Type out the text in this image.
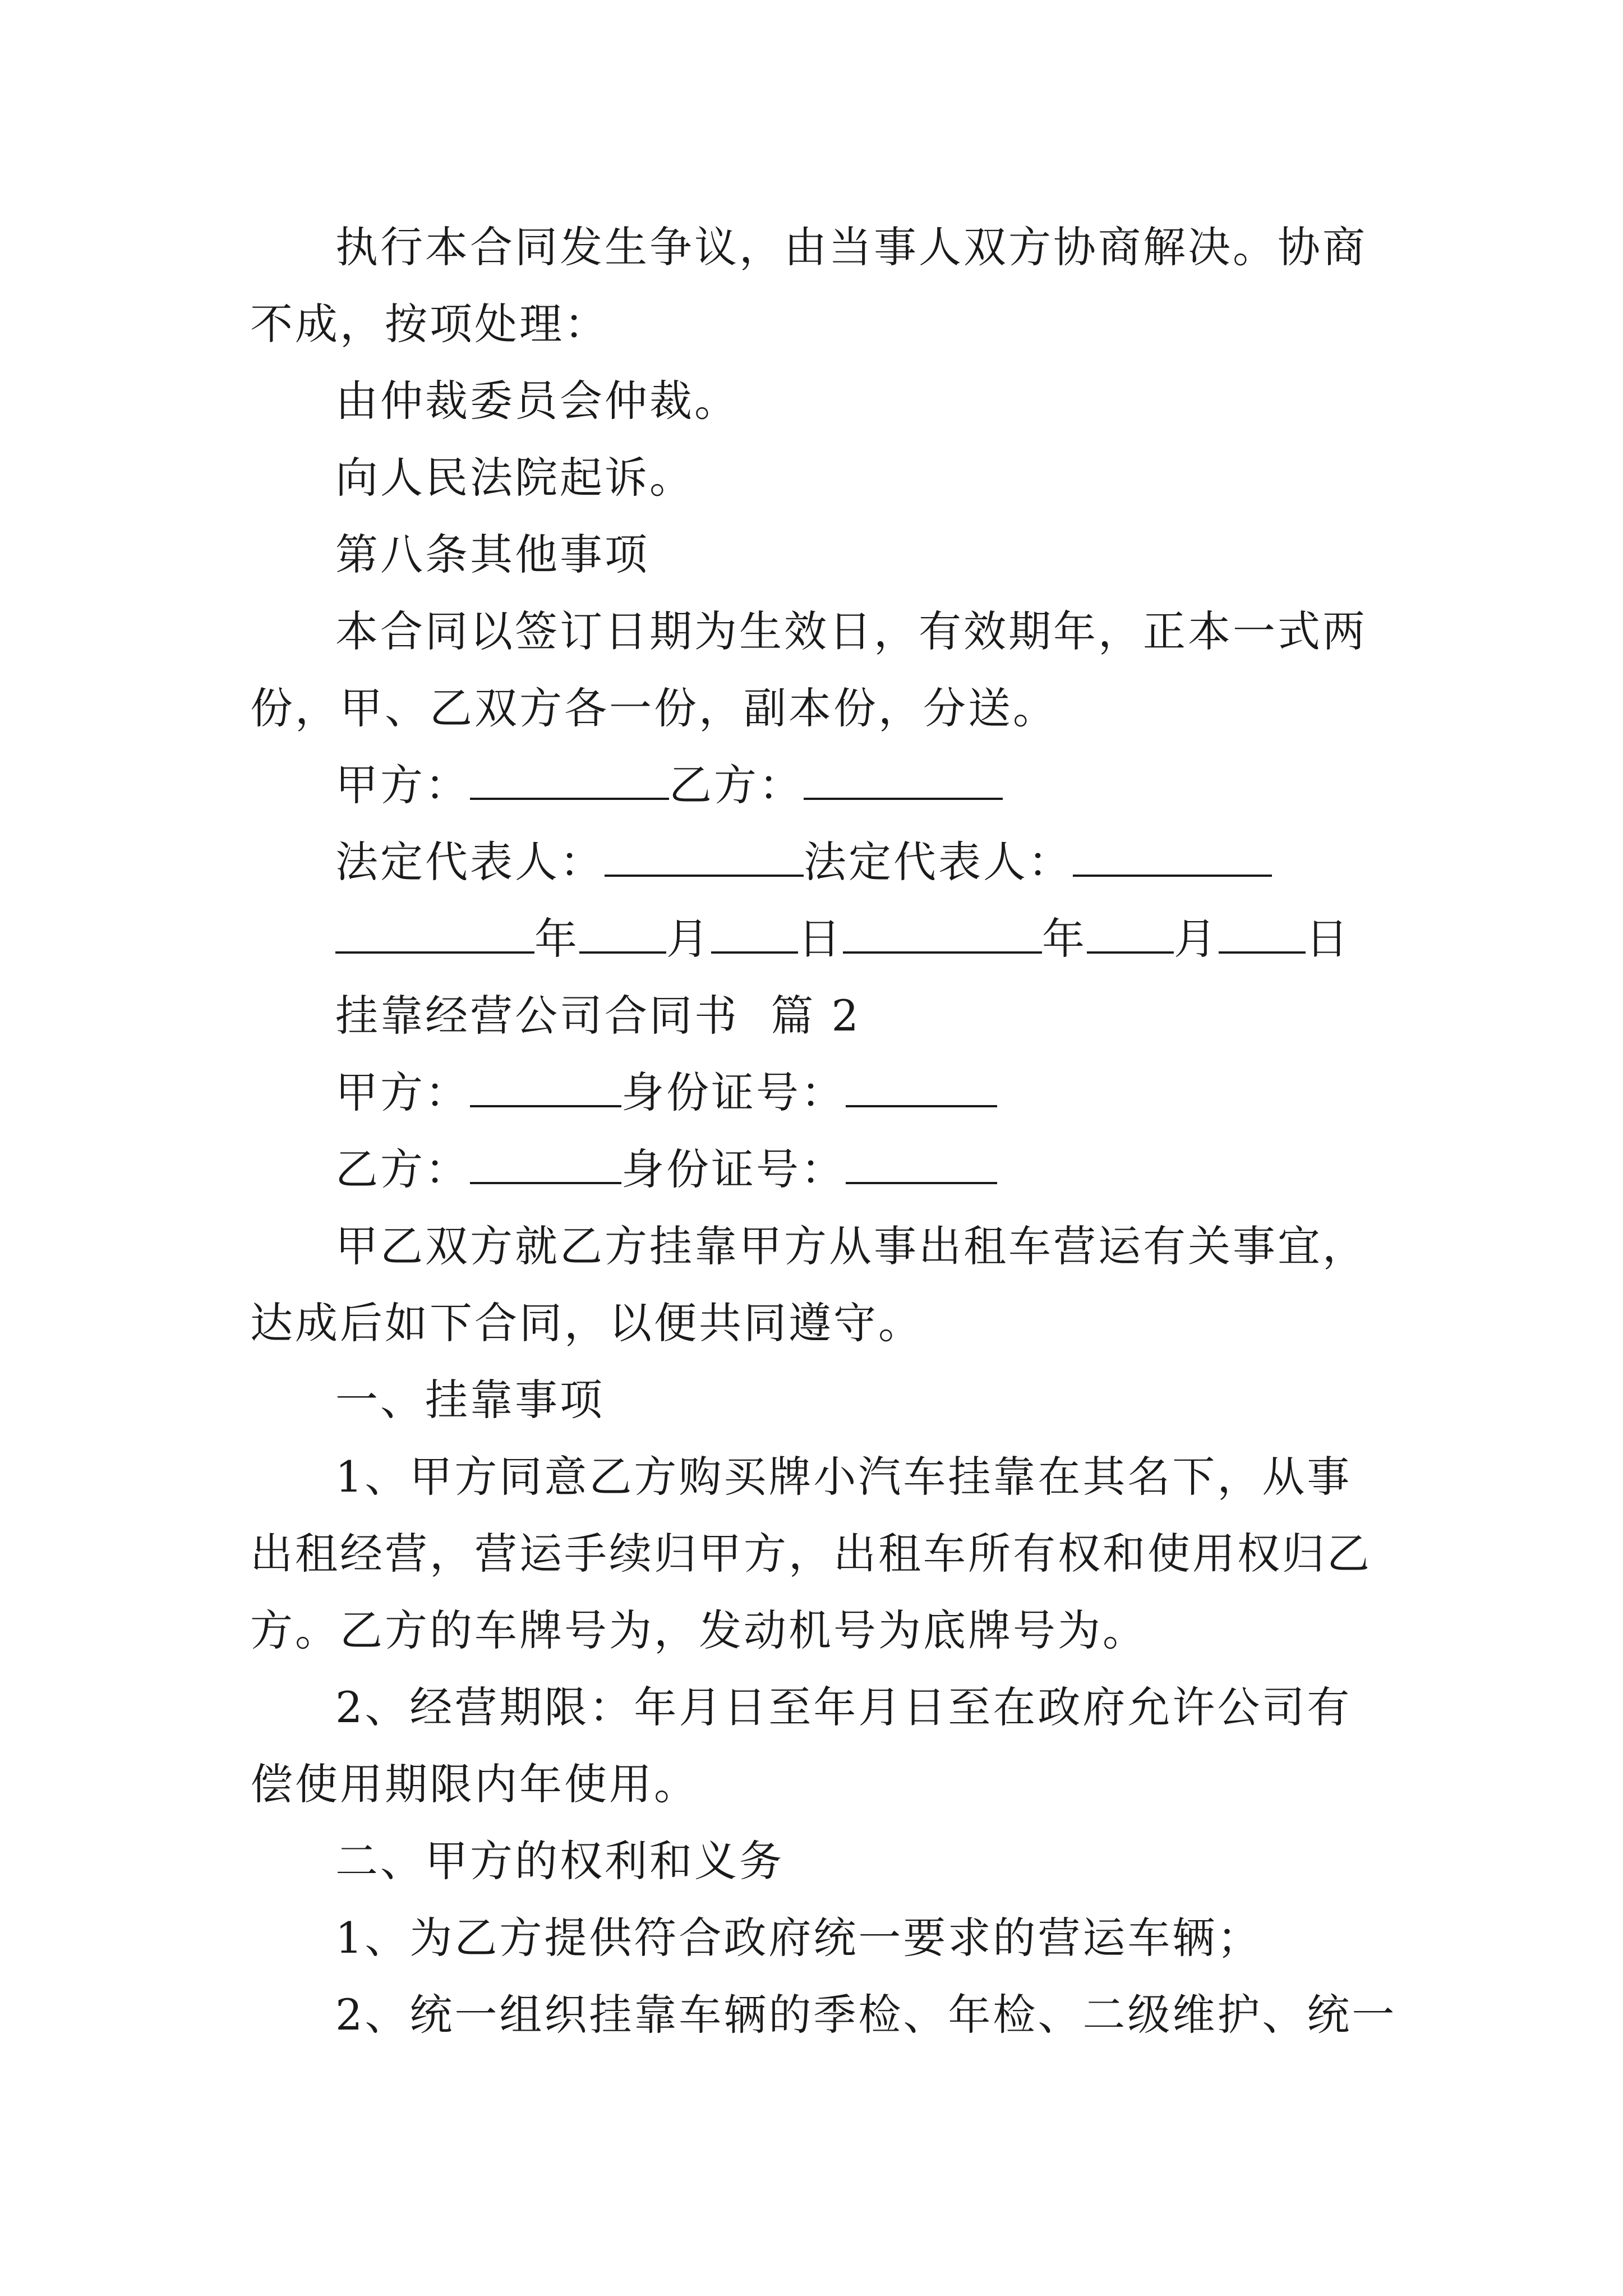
执行本合同发生争议，由当事人双方协商解决。协商不成，按项处理：

由仲裁委员会仲裁。

向人民法院起诉。

第八条其他事项

本合同以签订日期为生效日，有效期年，正本一式两份，甲、乙双方各一份，副本份，分送。

甲方：	乙方：

法定代表人：	法定代表人：

年 月 日	年 月 日

挂靠经营公司合同书  篇 2

甲方：	身份证号：

乙方：	身份证号：

甲乙双方就乙方挂靠甲方从事出租车营运有关事宜，达成后如下合同，以便共同遵守。

一、挂靠事项

1、甲方同意乙方购买牌小汽车挂靠在其名下，从事出租经营，营运手续归甲方，出租车所有权和使用权归乙方。乙方的车牌号为，发动机号为底牌号为。

2、经营期限：年月日至年月日至在政府允许公司有偿使用期限内年使用。

二、甲方的权利和义务

1、为乙方提供符合政府统一要求的营运车辆；

2、统一组织挂靠车辆的季检、年检、二级维护、统一
